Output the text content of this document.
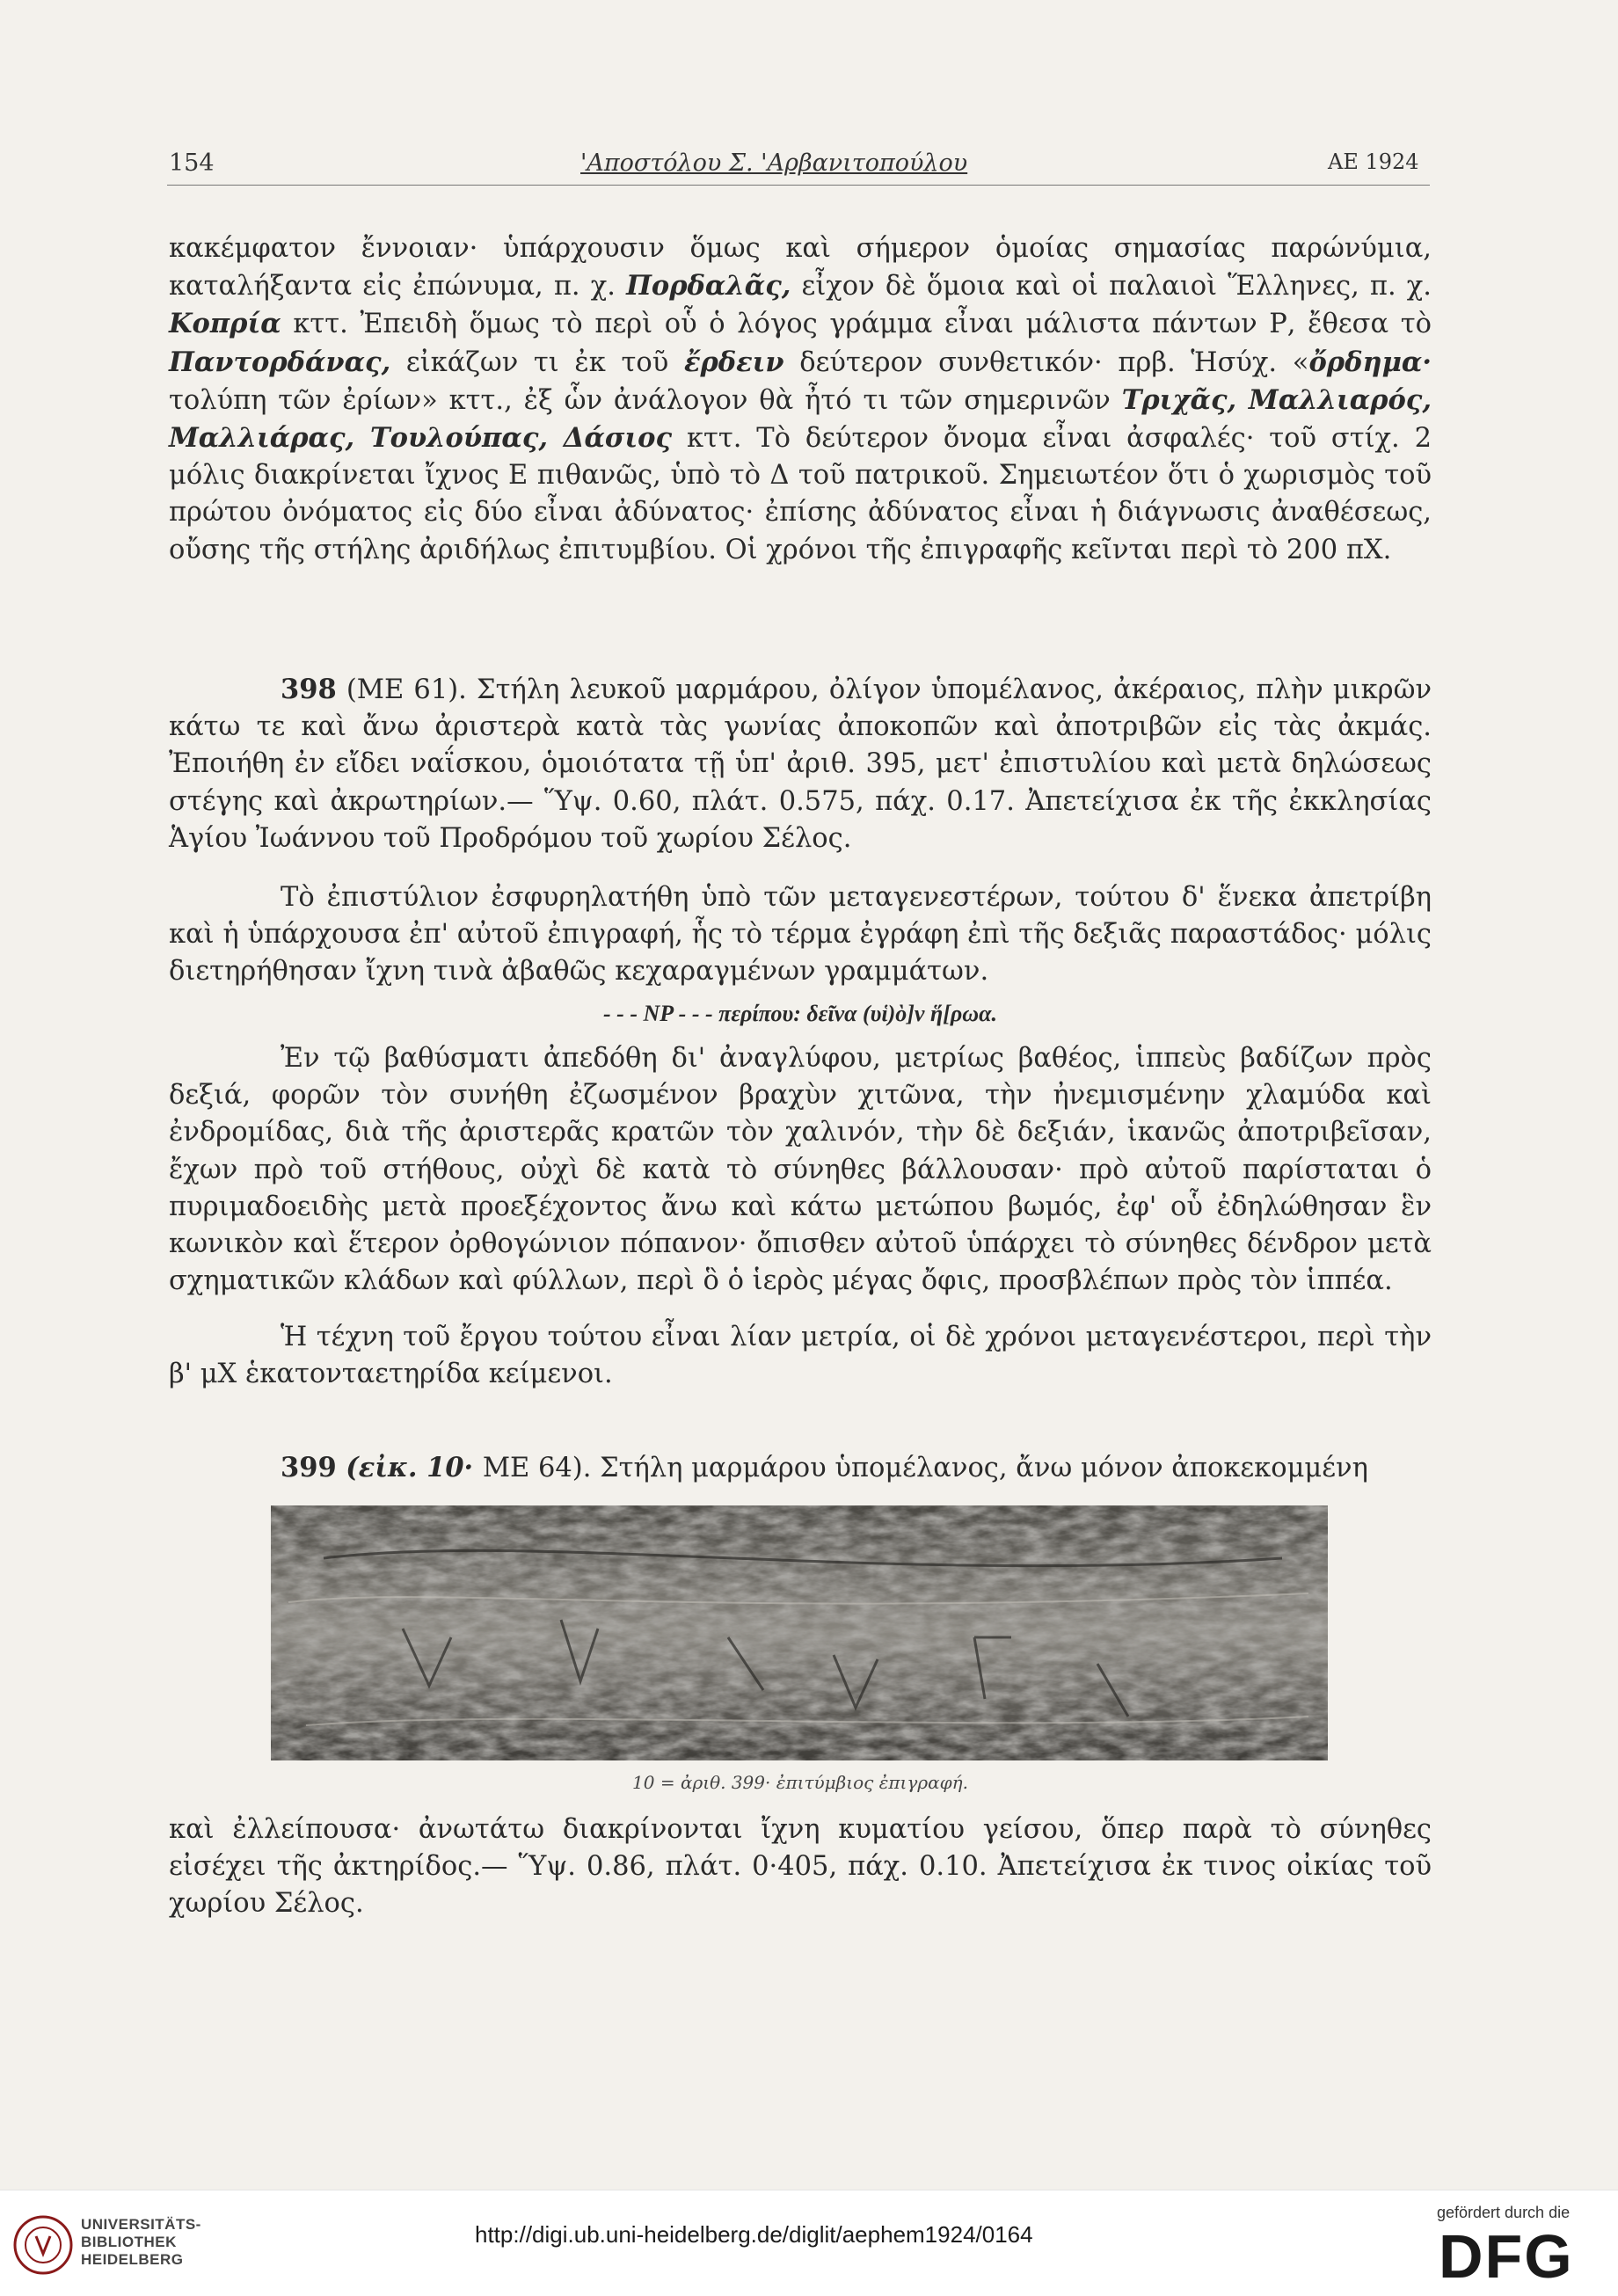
154	'Αποστόλου Σ. 'Αρβανιτοπούλου	ΑΕ 1924
κακέμφατον ἔννοιαν· ὑπάρχουσιν ὅμως καὶ σήμερον ὁμοίας σημασίας παρώνύμια, καταλήξαντα εἰς ἐπώνυμα, π. χ. Πορδαλᾶς, εἶχον δὲ ὅμοια καὶ οἱ παλαιοὶ Ἕλληνες, π. χ. Κοπρία κττ. Ἐπειδὴ ὅμως τὸ περὶ οὗ ὁ λόγος γράμμα εἶναι μάλιστα πάντων Ρ, ἔθεσα τὸ Παντορδάνας, εἰκάζων τι ἐκ τοῦ ἔρδειν δεύτερον συνθετικόν· πρβ. Ἡσύχ. «ὄρδημα· τολύπη τῶν ἐρίων» κττ., ἐξ ὧν ἀνάλογον θὰ ἦτό τι τῶν σημερινῶν Τριχᾶς, Μαλλιαρός, Μαλλιάρας, Τουλούπας, Δάσιος κττ. Τὸ δεύτερον ὄνομα εἶναι ἀσφαλές· τοῦ στίχ. 2 μόλις διακρίνεται ἴχνος Ε πιθανῶς, ὑπὸ τὸ Δ τοῦ πατρικοῦ. Σημειωτέον ὅτι ὁ χωρισμὸς τοῦ πρώτου ὀνόματος εἰς δύο εἶναι ἀδύνατος· ἐπίσης ἀδύνατος εἶναι ἡ διάγνωσις ἀναθέσεως, οὔσης τῆς στήλης ἀριδήλως ἐπιτυμβίου. Οἱ χρόνοι τῆς ἐπιγραφῆς κεῖνται περὶ τὸ 200 πΧ.
398 (ΜΕ 61). Στήλη λευκοῦ μαρμάρου, ὀλίγον ὑπομέλανος, ἀκέραιος, πλὴν μικρῶν κάτω τε καὶ ἄνω ἀριστερὰ κατὰ τὰς γωνίας ἀποκοπῶν καὶ ἀποτριβῶν εἰς τὰς ἀκμάς. Ἐποιήθη ἐν εἴδει ναΐσκου, ὁμοιότατα τῇ ὑπ' ἀριθ. 395, μετ' ἐπιστυλίου καὶ μετὰ δηλώσεως στέγης καὶ ἀκρωτηρίων.— Ὕψ. 0.60, πλάτ. 0.575, πάχ. 0.17. Ἀπετείχισα ἐκ τῆς ἐκκλησίας Ἁγίου Ἰωάννου τοῦ Προδρόμου τοῦ χωρίου Σέλος.
Τὸ ἐπιστύλιον ἐσφυρηλατήθη ὑπὸ τῶν μεταγενεστέρων, τούτου δ' ἕνεκα ἀπετρίβη καὶ ἡ ὑπάρχουσα ἐπ' αὐτοῦ ἐπιγραφή, ἧς τὸ τέρμα ἐγράφη ἐπὶ τῆς δεξιᾶς παραστάδος· μόλις διετηρήθησαν ἴχνη τινὰ ἀβαθῶς κεχαραγμένων γραμμάτων.
- - - ΝΡ - - - περίπου: δεῖνα (υἱ)ὸ]ν ἥ[ρωα.
Ἐν τῷ βαθύσματι ἀπεδόθη δι' ἀναγλύφου, μετρίως βαθέος, ἱππεὺς βαδίζων πρὸς δεξιά, φορῶν τὸν συνήθη ἐζωσμένον βραχὺν χιτῶνα, τὴν ἠνεμισμένην χλαμύδα καὶ ἐνδρομίδας, διὰ τῆς ἀριστερᾶς κρατῶν τὸν χαλινόν, τὴν δὲ δεξιάν, ἱκανῶς ἀποτριβεῖσαν, ἔχων πρὸ τοῦ στήθους, οὐχὶ δὲ κατὰ τὸ σύνηθες βάλλουσαν· πρὸ αὐτοῦ παρίσταται ὁ πυριμαδοειδὴς μετὰ προεξέχοντος ἄνω καὶ κάτω μετώπου βωμός, ἐφ' οὗ ἐδηλώθησαν ἓν κωνικὸν καὶ ἕτερον ὀρθογώνιον πόπανον· ὄπισθεν αὐτοῦ ὑπάρχει τὸ σύνηθες δένδρον μετὰ σχηματικῶν κλάδων καὶ φύλλων, περὶ ὃ ὁ ἱερὸς μέγας ὄφις, προσβλέπων πρὸς τὸν ἱππέα.
Ἡ τέχνη τοῦ ἔργου τούτου εἶναι λίαν μετρία, οἱ δὲ χρόνοι μεταγενέστεροι, περὶ τὴν β' μΧ ἑκατονταετηρίδα κείμενοι.
399 (εἰκ. 10· ΜΕ 64). Στήλη μαρμάρου ὑπομέλανος, ἄνω μόνον ἀποκεκομμένη
10 = ἀριθ. 399· ἐπιτύμβιος ἐπιγραφή.
καὶ ἐλλείπουσα· ἀνωτάτω διακρίνονται ἴχνη κυματίου γείσου, ὅπερ παρὰ τὸ σύνηθες εἰσέχει τῆς ἀκτηρίδος.— Ὕψ. 0.86, πλάτ. 0·405, πάχ. 0.10. Ἀπετείχισα ἐκ τινος οἰκίας τοῦ χωρίου Σέλος.
UNIVERSITÄTS-
BIBLIOTHEK
HEIDELBERG
http://digi.ub.uni-heidelberg.de/diglit/aephem1924/0164
gefördert durch die
DFG
